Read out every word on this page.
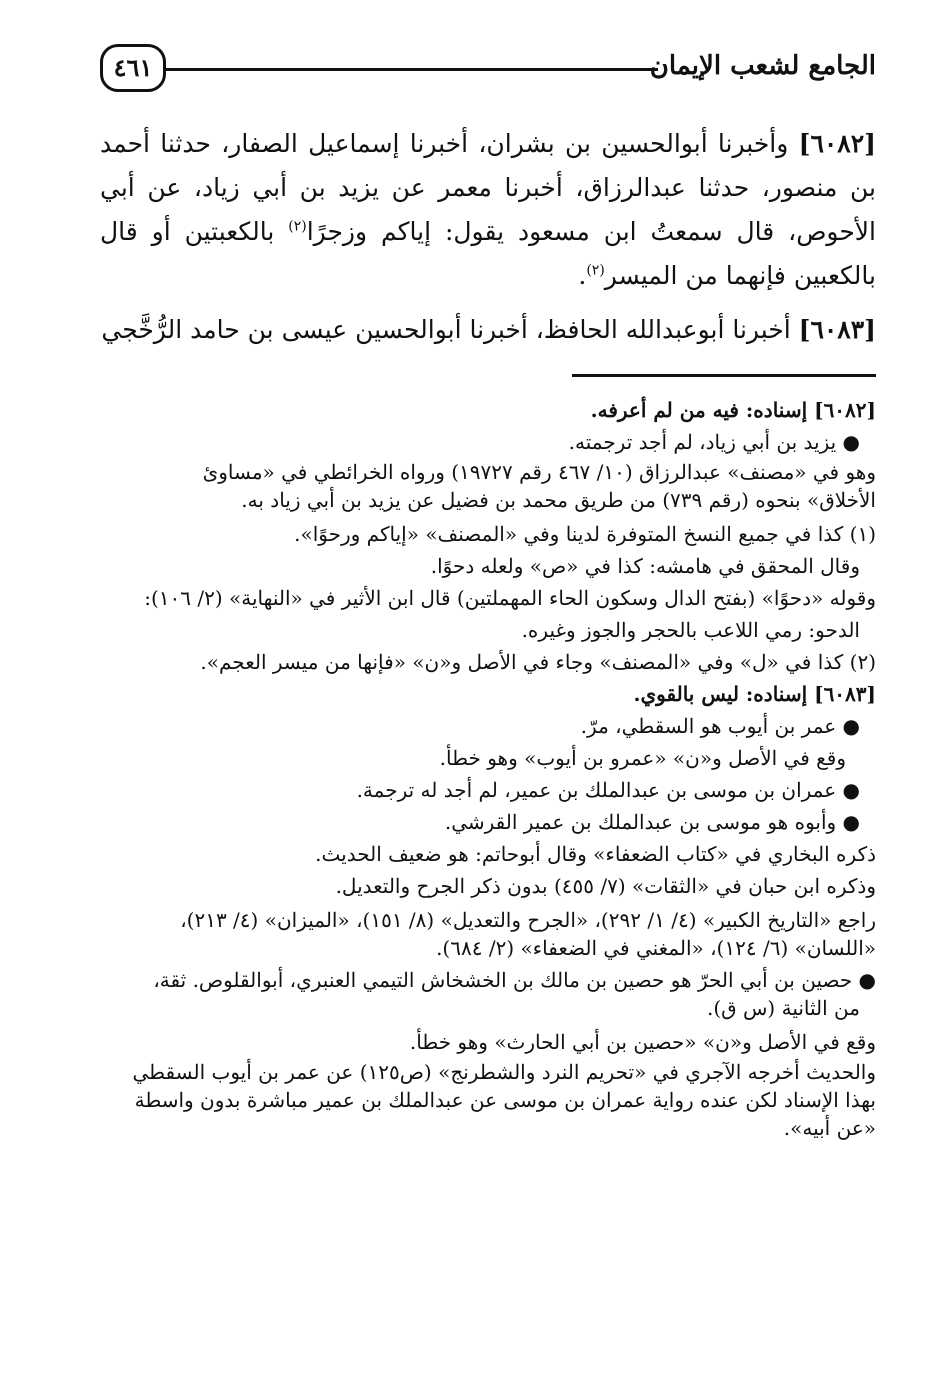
الجامع لشعب الإيمان
٤٦١

[٦٠٨٢] وأخبرنا أبوالحسين بن بشران، أخبرنا إسماعيل الصفار، حدثنا أحمد بن منصور، حدثنا عبدالرزاق، أخبرنا معمر عن يزيد بن أبي زياد، عن أبي الأحوص، قال سمعتُ ابن مسعود يقول: إياكم وزجرًا$^{(٢)}$ بالكعبتين أو قال بالكعبين فإنهما من الميسر$^{(٢)}$.

[٦٠٨٣] أخبرنا أبوعبدالله الحافظ، أخبرنا أبوالحسين عيسى بن حامد الرُّخَّجي

[٦٠٨٢] إسناده: فيه من لم أعرفه.

● يزيد بن أبي زياد، لم أجد ترجمته.

وهو في «مصنف» عبدالرزاق (١٠/ ٤٦٧ رقم ١٩٧٢٧) ورواه الخرائطي في «مساوئ

الأخلاق» بنحوه (رقم ٧٣٩) من طريق محمد بن فضيل عن يزيد بن أبي زياد به.

(١) كذا في جميع النسخ المتوفرة لدينا وفي «المصنف» «إياكم ورحوًا».

وقال المحقق في هامشه: كذا في «ص» ولعله دحوًا.

وقوله «دحوًا» (بفتح الدال وسكون الحاء المهملتين) قال ابن الأثير في «النهاية» (٢/ ١٠٦):

الدحو: رمي اللاعب بالحجر والجوز وغيره.

(٢) كذا في «ل» وفي «المصنف» وجاء في الأصل و«ن» «فإنها من ميسر العجم».

[٦٠٨٣] إسناده: ليس بالقوي.

● عمر بن أيوب هو السقطي، مرّ.

وقع في الأصل و«ن» «عمرو بن أيوب» وهو خطأ.

● عمران بن موسى بن عبدالملك بن عمير، لم أجد له ترجمة.

● وأبوه هو موسى بن عبدالملك بن عمير القرشي.

ذكره البخاري في «كتاب الضعفاء» وقال أبوحاتم: هو ضعيف الحديث.

وذكره ابن حبان في «الثقات» (٧/ ٤٥٥) بدون ذكر الجرح والتعديل.

راجع «التاريخ الكبير» (٤/ ١/ ٢٩٢)، «الجرح والتعديل» (٨/ ١٥١)، «الميزان» (٤/ ٢١٣)،

«اللسان» (٦/ ١٢٤)، «المغني في الضعفاء» (٢/ ٦٨٤).

● حصين بن أبي الحرّ هو حصين بن مالك بن الخشخاش التيمي العنبري، أبوالقلوص. ثقة،

من الثانية (س ق).

وقع في الأصل و«ن» «حصين بن أبي الحارث» وهو خطأ.

والحديث أخرجه الآجري في «تحريم النرد والشطرنج» (ص١٢٥) عن عمر بن أيوب السقطي

بهذا الإسناد لكن عنده رواية عمران بن موسى عن عبدالملك بن عمير مباشرة بدون واسطة

«عن أبيه».
